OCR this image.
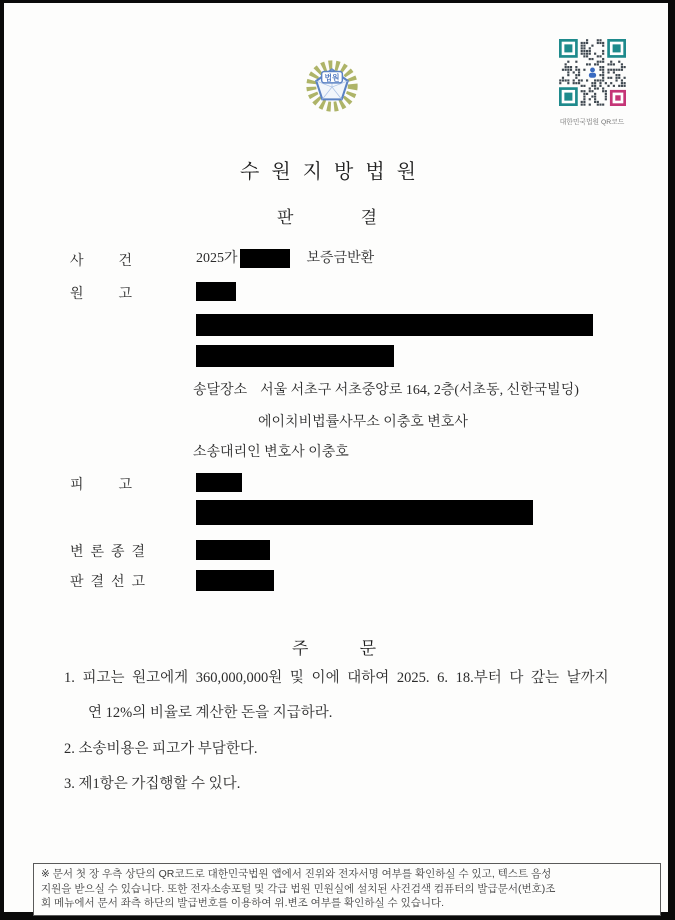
법원
대한민국법원 QR코드
수 원 지 방 법 원
판	결
사 건	2025가	보증금반환
원 고
송달장소 서울 서초구 서초중앙로 164, 2층(서초동, 신한국빌딩)
에이치비법률사무소 이충호 변호사
소송대리인 변호사 이충호
피 고
변 론 종 결
판 결 선 고
주	문
1. 피고는 원고에게 360,000,000원 및 이에 대하여 2025. 6. 18.부터 다 갚는 날까지
연 12%의 비율로 계산한 돈을 지급하라.
2. 소송비용은 피고가 부담한다.
3. 제1항은 가집행할 수 있다.
※ 문서 첫 장 우측 상단의 QR코드로 대한민국법원 앱에서 진위와 전자서명 여부를 확인하실 수 있고, 텍스트 음성
지원을 받으실 수 있습니다. 또한 전자소송포털 및 각급 법원 민원실에 설치된 사건검색 컴퓨터의 발급문서(번호)조
회 메뉴에서 문서 좌측 하단의 발급번호를 이용하여 위.변조 여부를 확인하실 수 있습니다.
